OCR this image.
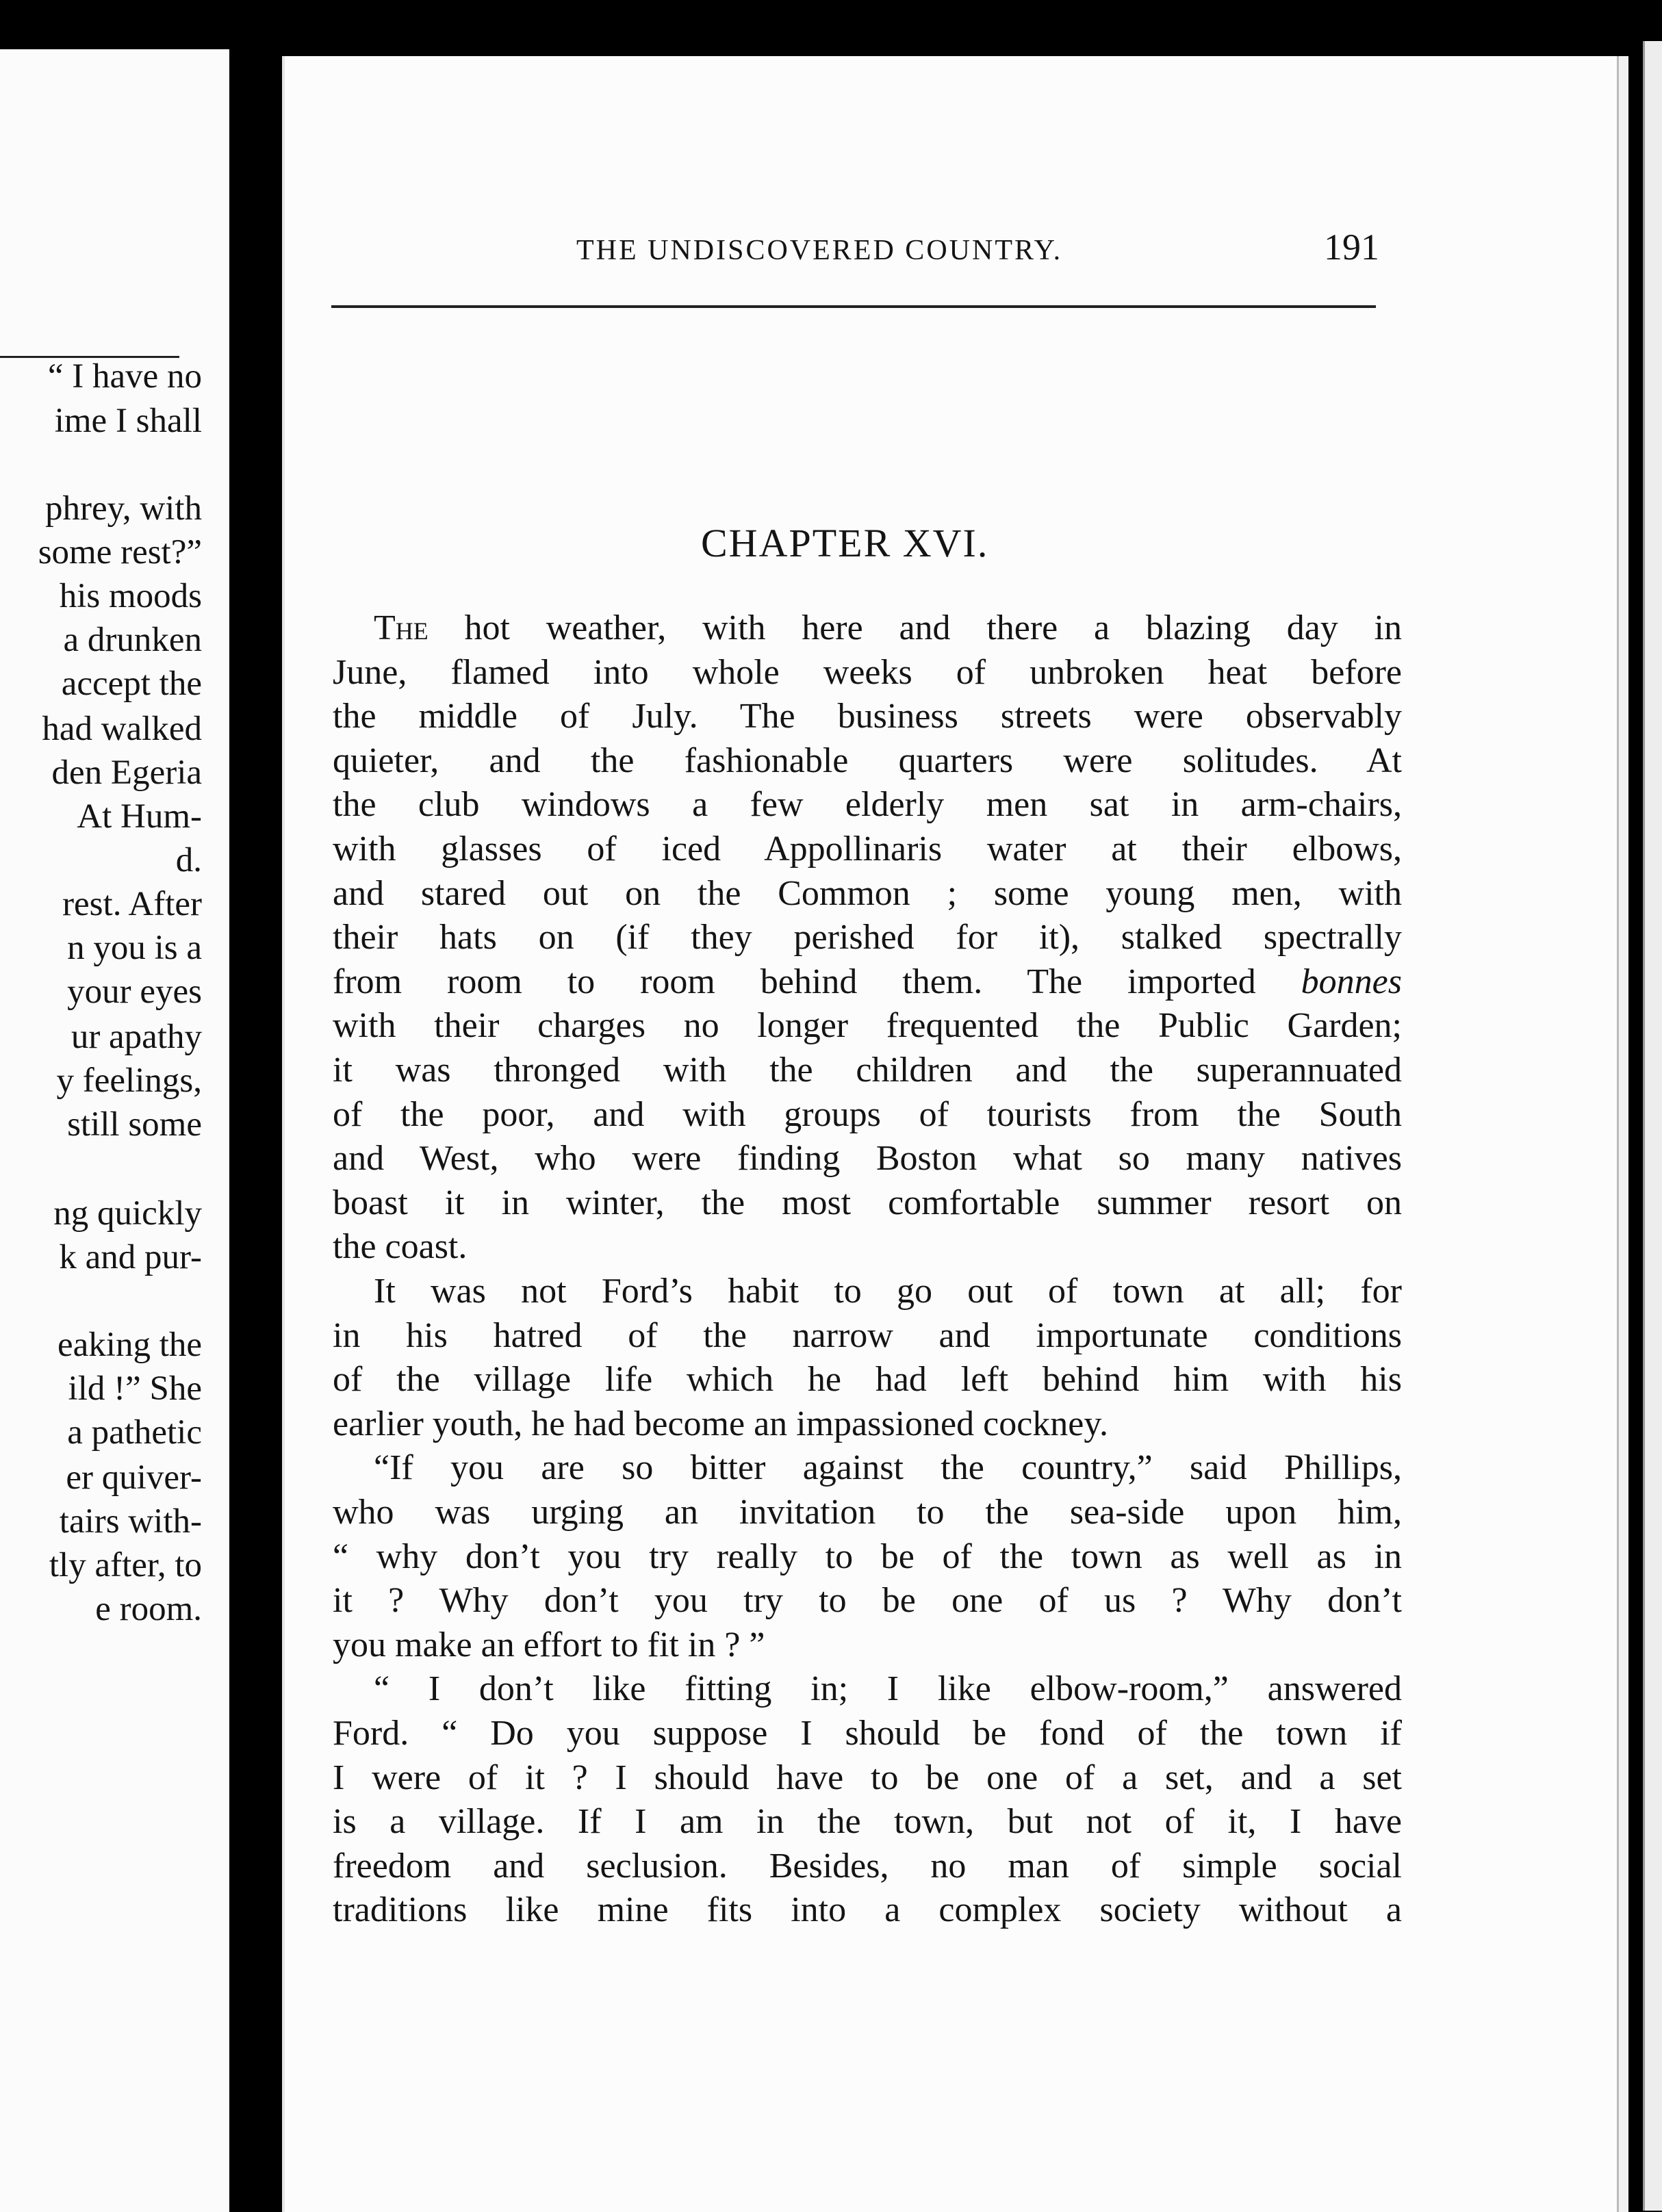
“ I have no
ime I shall
phrey, with
some rest?”
his moods
a drunken
accept the
had walked
den Egeria
At Hum-
d.
rest. After
n you is a
your eyes
ur apathy
y feelings,
still some
ng quickly
k and pur-
eaking the
ild !” She
a pathetic
er quiver-
tairs with-
tly after, to
e room.
THE UNDISCOVERED COUNTRY.	191
CHAPTER XVI.
The hot weather, with here and there a blazing day in
June, flamed into whole weeks of unbroken heat before
the middle of July. The business streets were observably
quieter, and the fashionable quarters were solitudes. At
the club windows a few elderly men sat in arm-chairs,
with glasses of iced Appollinaris water at their elbows,
and stared out on the Common ; some young men, with
their hats on (if they perished for it), stalked spectrally
from room to room behind them. The imported bonnes
with their charges no longer frequented the Public Garden;
it was thronged with the children and the superannuated
of the poor, and with groups of tourists from the South
and West, who were finding Boston what so many natives
boast it in winter, the most comfortable summer resort on
the coast.
It was not Ford’s habit to go out of town at all; for
in his hatred of the narrow and importunate conditions
of the village life which he had left behind him with his
earlier youth, he had become an impassioned cockney.
“If you are so bitter against the country,” said Phillips,
who was urging an invitation to the sea-side upon him,
“ why don’t you try really to be of the town as well as in
it ? Why don’t you try to be one of us ? Why don’t
you make an effort to fit in ? ”
“ I don’t like fitting in; I like elbow-room,” answered
Ford. “ Do you suppose I should be fond of the town if
I were of it ? I should have to be one of a set, and a set
is a village. If I am in the town, but not of it, I have
freedom and seclusion. Besides, no man of simple social
traditions like mine fits into a complex society without a
